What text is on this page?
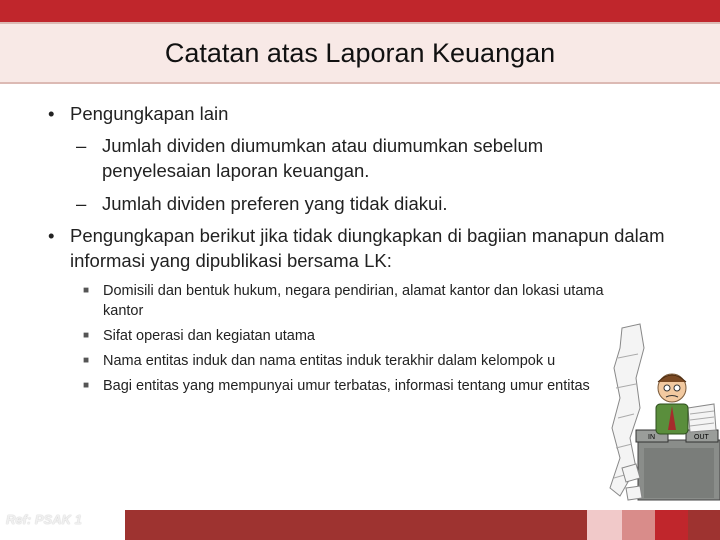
Catatan atas Laporan Keuangan
• Pengungkapan lain
– Jumlah dividen diumumkan atau diumumkan sebelum penyelesaian laporan keuangan.
– Jumlah dividen preferen yang tidak diakui.
• Pengungkapan berikut jika tidak diungkapkan di bagiian manapun dalam informasi yang dipublikasi bersama LK:
■ Domisili dan bentuk hukum, negara pendirian, alamat kantor dan lokasi utama kantor
■ Sifat operasi dan kegiatan utama
■ Nama entitas induk dan nama entitas induk terakhir dalam kelompok u
■ Bagi entitas yang mempunyai umur terbatas, informasi tentang umur entitas
IN	OUT
Ref: PSAK 1
